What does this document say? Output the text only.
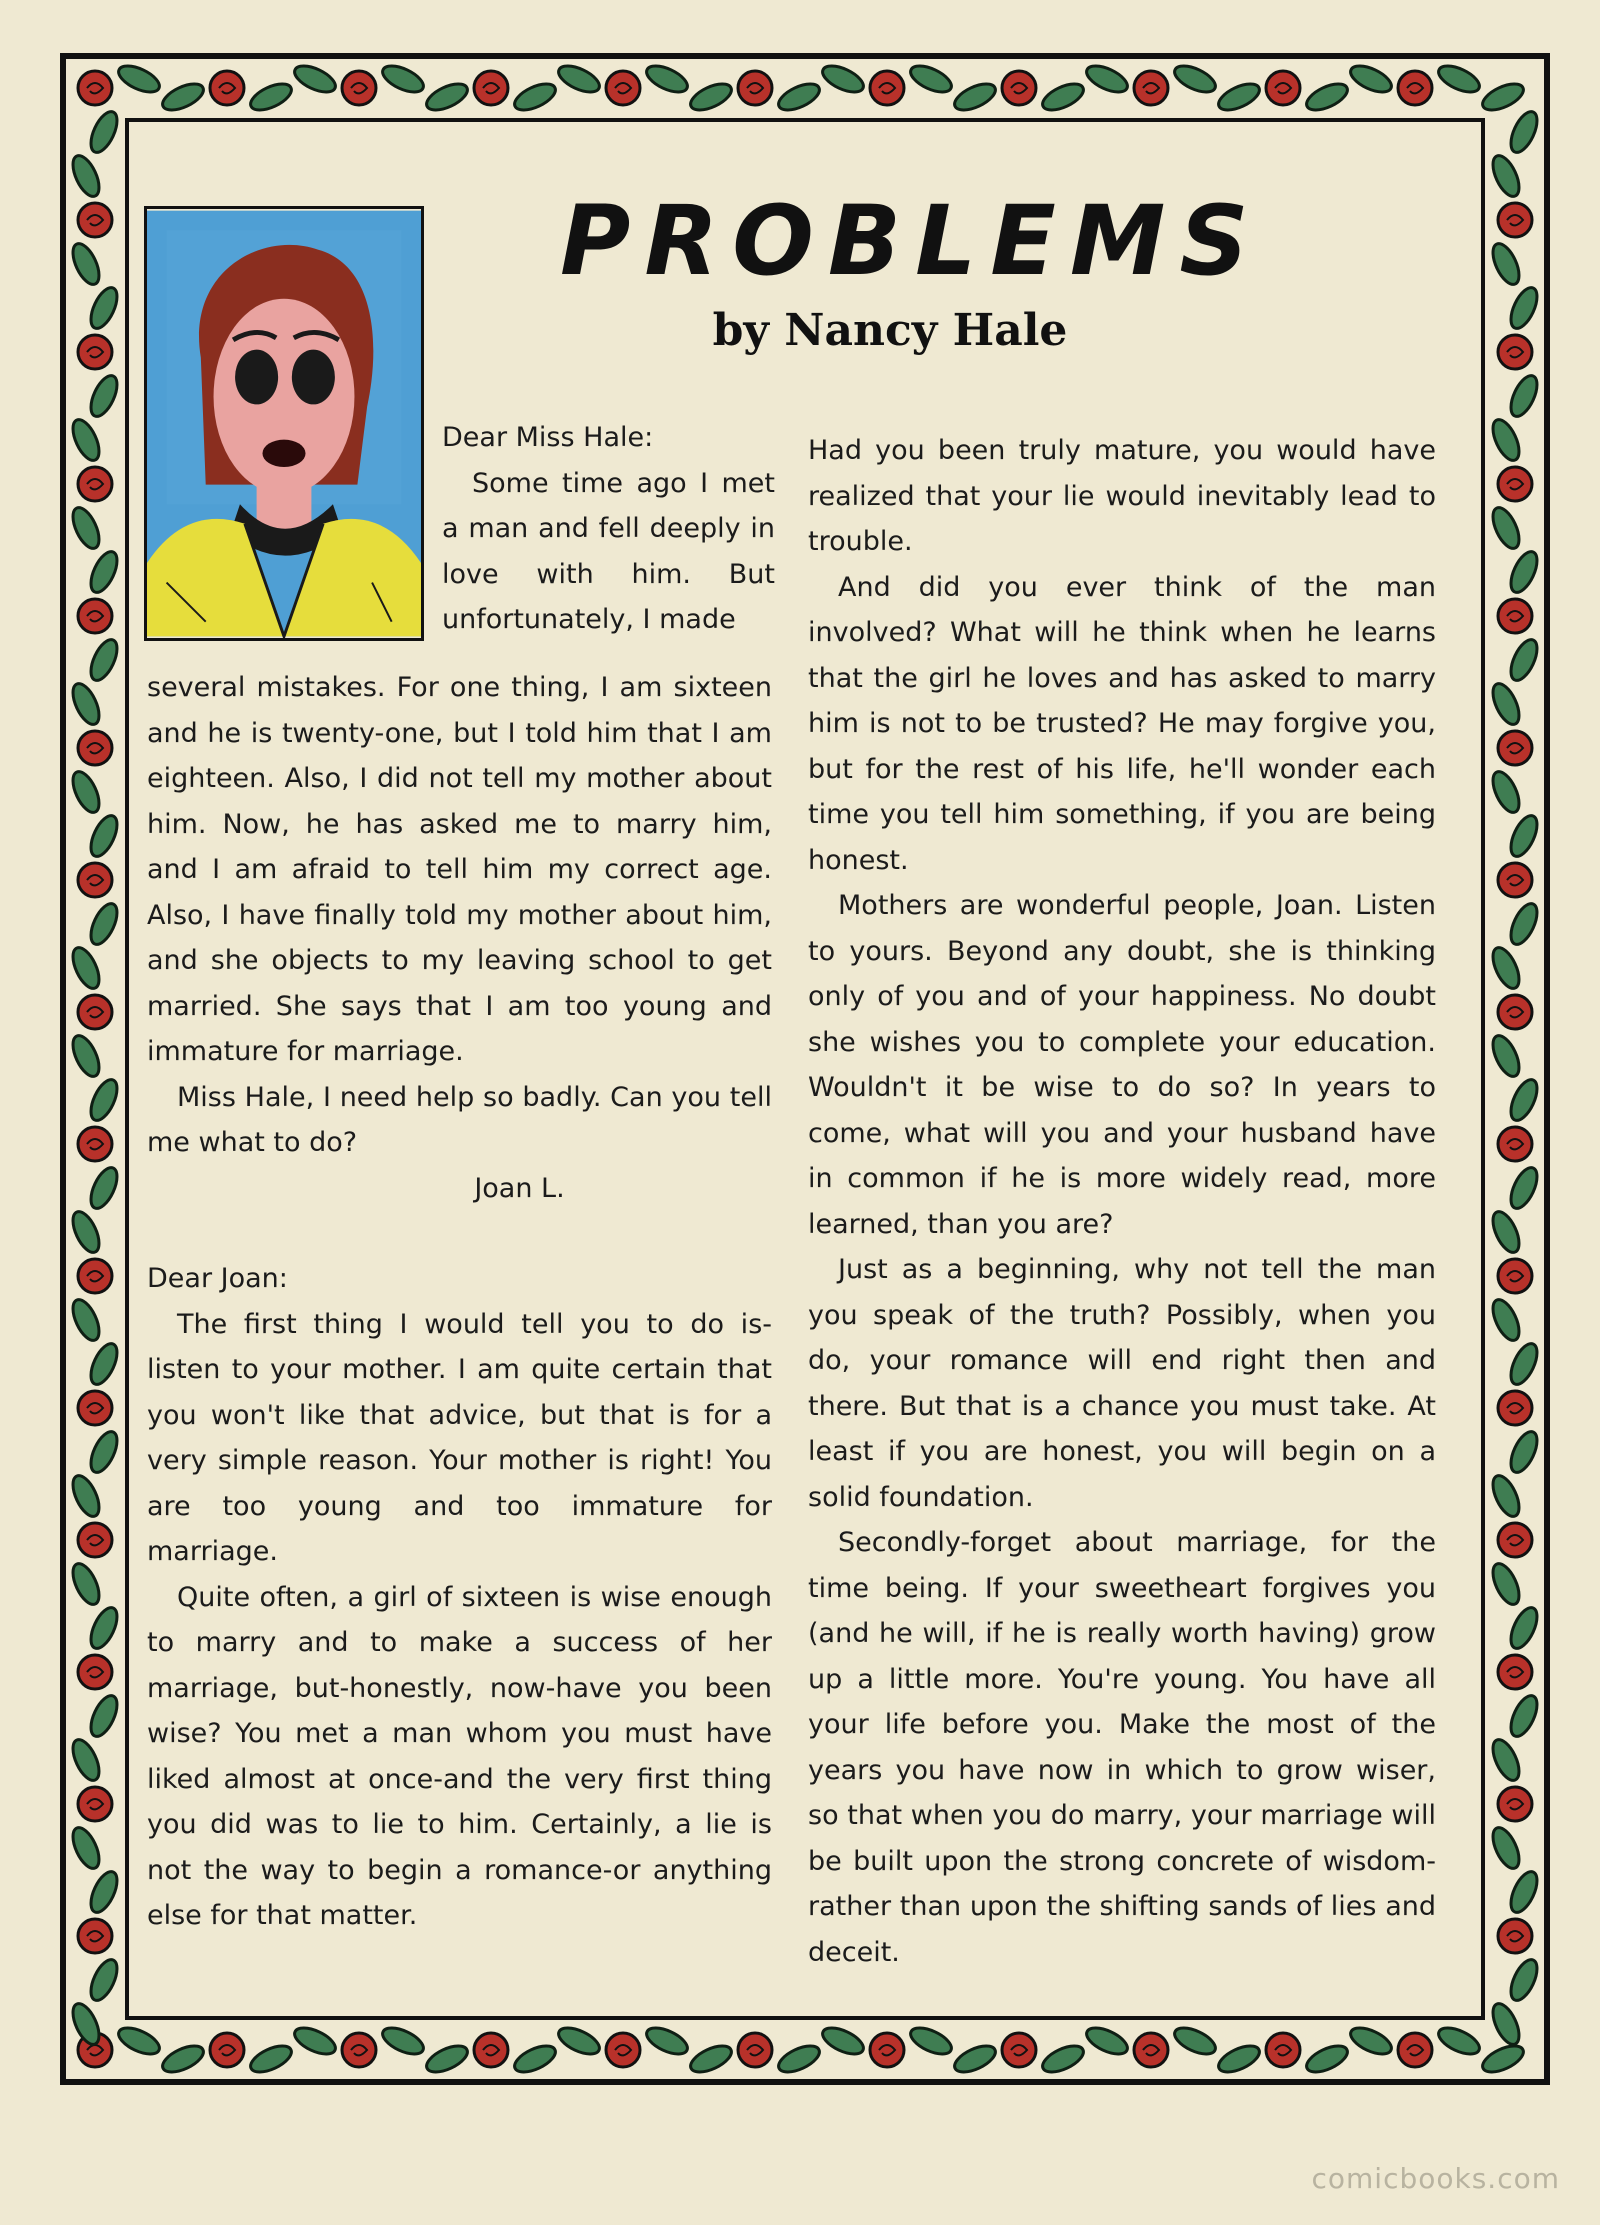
PROBLEMS
by Nancy Hale

Dear Miss Hale:

Some time ago I met a man and fell deeply in love with him. But unfortunately, I made

several mistakes. For one thing, I am sixteen and he is twenty-one, but I told him that I am eighteen. Also, I did not tell my mother about him. Now, he has asked me to marry him, and I am afraid to tell him my correct age. Also, I have finally told my mother about him, and she objects to my leaving school to get married. She says that I am too young and immature for marriage.

Miss Hale, I need help so badly. Can you tell me what to do?

Joan L.

Dear Joan:

The first thing I would tell you to do is-listen to your mother. I am quite certain that you won't like that advice, but that is for a very simple reason. Your mother is right! You are too young and too immature for marriage.

Quite often, a girl of sixteen is wise enough to marry and to make a success of her marriage, but-honestly, now-have you been wise? You met a man whom you must have liked almost at once-and the very first thing you did was to lie to him. Certainly, a lie is not the way to begin a romance-or anything else for that matter.

Had you been truly mature, you would have realized that your lie would inevitably lead to trouble.

And did you ever think of the man involved? What will he think when he learns that the girl he loves and has asked to marry him is not to be trusted? He may forgive you, but for the rest of his life, he'll wonder each time you tell him something, if you are being honest.

Mothers are wonderful people, Joan. Listen to yours. Beyond any doubt, she is thinking only of you and of your happiness. No doubt she wishes you to complete your education. Wouldn't it be wise to do so? In years to come, what will you and your husband have in common if he is more widely read, more learned, than you are?

Just as a beginning, why not tell the man you speak of the truth? Possibly, when you do, your romance will end right then and there. But that is a chance you must take. At least if you are honest, you will begin on a solid foundation.

Secondly-forget about marriage, for the time being. If your sweetheart forgives you (and he will, if he is really worth having) grow up a little more. You're young. You have all your life before you. Make the most of the years you have now in which to grow wiser, so that when you do marry, your marriage will be built upon the strong concrete of wisdom-rather than upon the shifting sands of lies and deceit.

comicbooks.com
